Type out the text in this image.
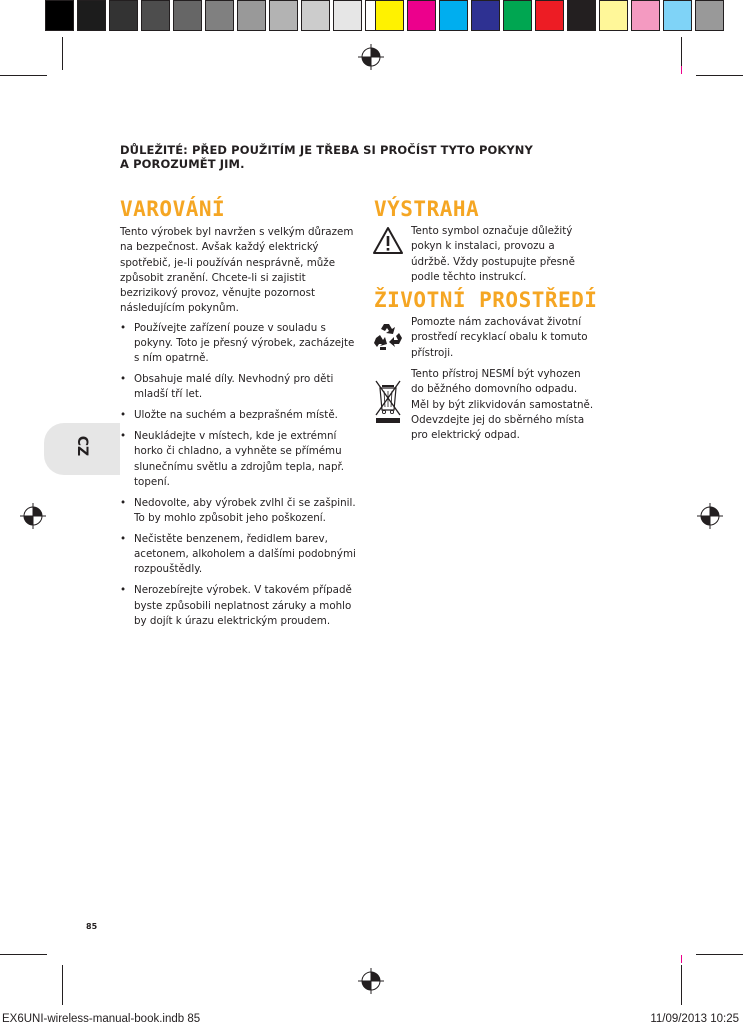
DŮLEŽITÉ: PŘED POUŽITÍM JE TŘEBA SI PROČÍST TYTO POKYNY
A POROZUMĚT JIM.
CZ
VAROVÁNÍ

Tento výrobek byl navržen s velkým důrazem na bezpečnost. Avšak každý elektrický spotřebič, je-li používán nesprávně, může způsobit zranění. Chcete-li si zajistit bezrizikový provoz, věnujte pozornost následujícím pokynům.

• Používejte zařízení pouze v souladu s pokyny. Toto je přesný výrobek, zacházejte s ním opatrně.
• Obsahuje malé díly. Nevhodný pro děti mladší tří let.
• Uložte na suchém a bezprašném místě.
• Neukládejte v místech, kde je extrémní horko či chladno, a vyhněte se přímému slunečnímu světlu a zdrojům tepla, např. topení.
• Nedovolte, aby výrobek zvlhl či se zašpinil. To by mohlo způsobit jeho poškození.
• Nečistěte benzenem, ředidlem barev, acetonem, alkoholem a dalšími podobnými rozpouštědly.
• Nerozebírejte výrobek. V takovém případě byste způsobili neplatnost záruky a mohlo by dojít k úrazu elektrickým proudem.
VÝSTRAHA
Tento symbol označuje důležitý pokyn k instalaci, provozu a údržbě. Vždy postupujte přesně podle těchto instrukcí.
ŽIVOTNÍ PROSTŘEDÍ
Pomozte nám zachovávat životní prostředí recyklací obalu k tomuto přístroji.
Tento přístroj NESMÍ být vyhozen do běžného domovního odpadu. Měl by být zlikvidován samostatně. Odevzdejte jej do sběrného místa pro elektrický odpad.
85
EX6UNI-wireless-manual-book.indb 85	11/09/2013 10:25
